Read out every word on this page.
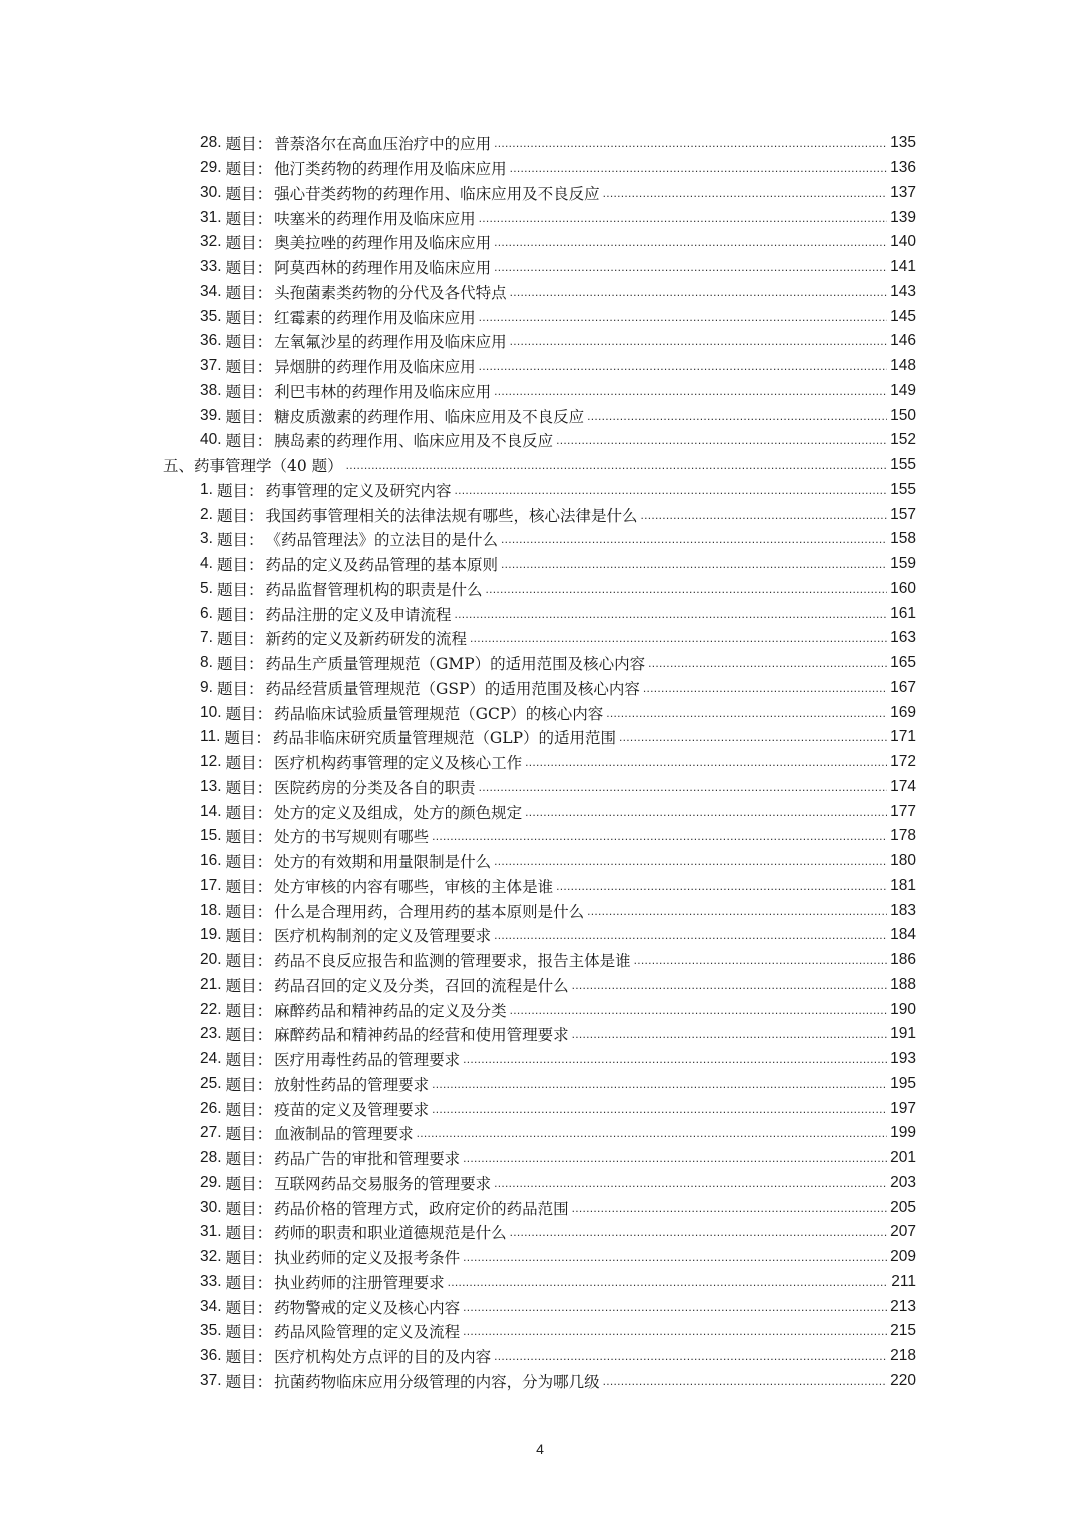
28. 题目： 普萘洛尔在高血压治疗中的应用 .....	135
29. 题目： 他汀类药物的药理作用及临床应用 .....	136
30. 题目： 强心苷类药物的药理作用、临床应用及不良反应 .....	137
31. 题目： 呋塞米的药理作用及临床应用 .....	139
32. 题目： 奥美拉唑的药理作用及临床应用 .....	140
33. 题目： 阿莫西林的药理作用及临床应用 .....	141
34. 题目： 头孢菌素类药物的分代及各代特点 .....	143
35. 题目： 红霉素的药理作用及临床应用 .....	145
36. 题目： 左氧氟沙星的药理作用及临床应用 .....	146
37. 题目： 异烟肼的药理作用及临床应用 .....	148
38. 题目： 利巴韦林的药理作用及临床应用 .....	149
39. 题目： 糖皮质激素的药理作用、临床应用及不良反应 .....	150
40. 题目： 胰岛素的药理作用、临床应用及不良反应 .....	152
五、药事管理学（40 题） .....	155
1. 题目： 药事管理的定义及研究内容 .....	155
2. 题目： 我国药事管理相关的法律法规有哪些，核心法律是什么 .....	157
3. 题目： 《药品管理法》的立法目的是什么 .....	158
4. 题目： 药品的定义及药品管理的基本原则 .....	159
5. 题目： 药品监督管理机构的职责是什么 .....	160
6. 题目： 药品注册的定义及申请流程 .....	161
7. 题目： 新药的定义及新药研发的流程 .....	163
8. 题目： 药品生产质量管理规范（GMP）的适用范围及核心内容 .....	165
9. 题目： 药品经营质量管理规范（GSP）的适用范围及核心内容 .....	167
10. 题目： 药品临床试验质量管理规范（GCP）的核心内容 .....	169
11. 题目： 药品非临床研究质量管理规范（GLP）的适用范围 .....	171
12. 题目： 医疗机构药事管理的定义及核心工作 .....	172
13. 题目： 医院药房的分类及各自的职责 .....	174
14. 题目： 处方的定义及组成，处方的颜色规定 .....	177
15. 题目： 处方的书写规则有哪些 .....	178
16. 题目： 处方的有效期和用量限制是什么 .....	180
17. 题目： 处方审核的内容有哪些，审核的主体是谁 .....	181
18. 题目： 什么是合理用药，合理用药的基本原则是什么 .....	183
19. 题目： 医疗机构制剂的定义及管理要求 .....	184
20. 题目： 药品不良反应报告和监测的管理要求，报告主体是谁 .....	186
21. 题目： 药品召回的定义及分类，召回的流程是什么 .....	188
22. 题目： 麻醉药品和精神药品的定义及分类 .....	190
23. 题目： 麻醉药品和精神药品的经营和使用管理要求 .....	191
24. 题目： 医疗用毒性药品的管理要求 .....	193
25. 题目： 放射性药品的管理要求 .....	195
26. 题目： 疫苗的定义及管理要求 .....	197
27. 题目： 血液制品的管理要求 .....	199
28. 题目： 药品广告的审批和管理要求 .....	201
29. 题目： 互联网药品交易服务的管理要求 .....	203
30. 题目： 药品价格的管理方式，政府定价的药品范围 .....	205
31. 题目： 药师的职责和职业道德规范是什么 .....	207
32. 题目： 执业药师的定义及报考条件 .....	209
33. 题目： 执业药师的注册管理要求 .....	211
34. 题目： 药物警戒的定义及核心内容 .....	213
35. 题目： 药品风险管理的定义及流程 .....	215
36. 题目： 医疗机构处方点评的目的及内容 .....	218
37. 题目： 抗菌药物临床应用分级管理的内容，分为哪几级 .....	220
4
